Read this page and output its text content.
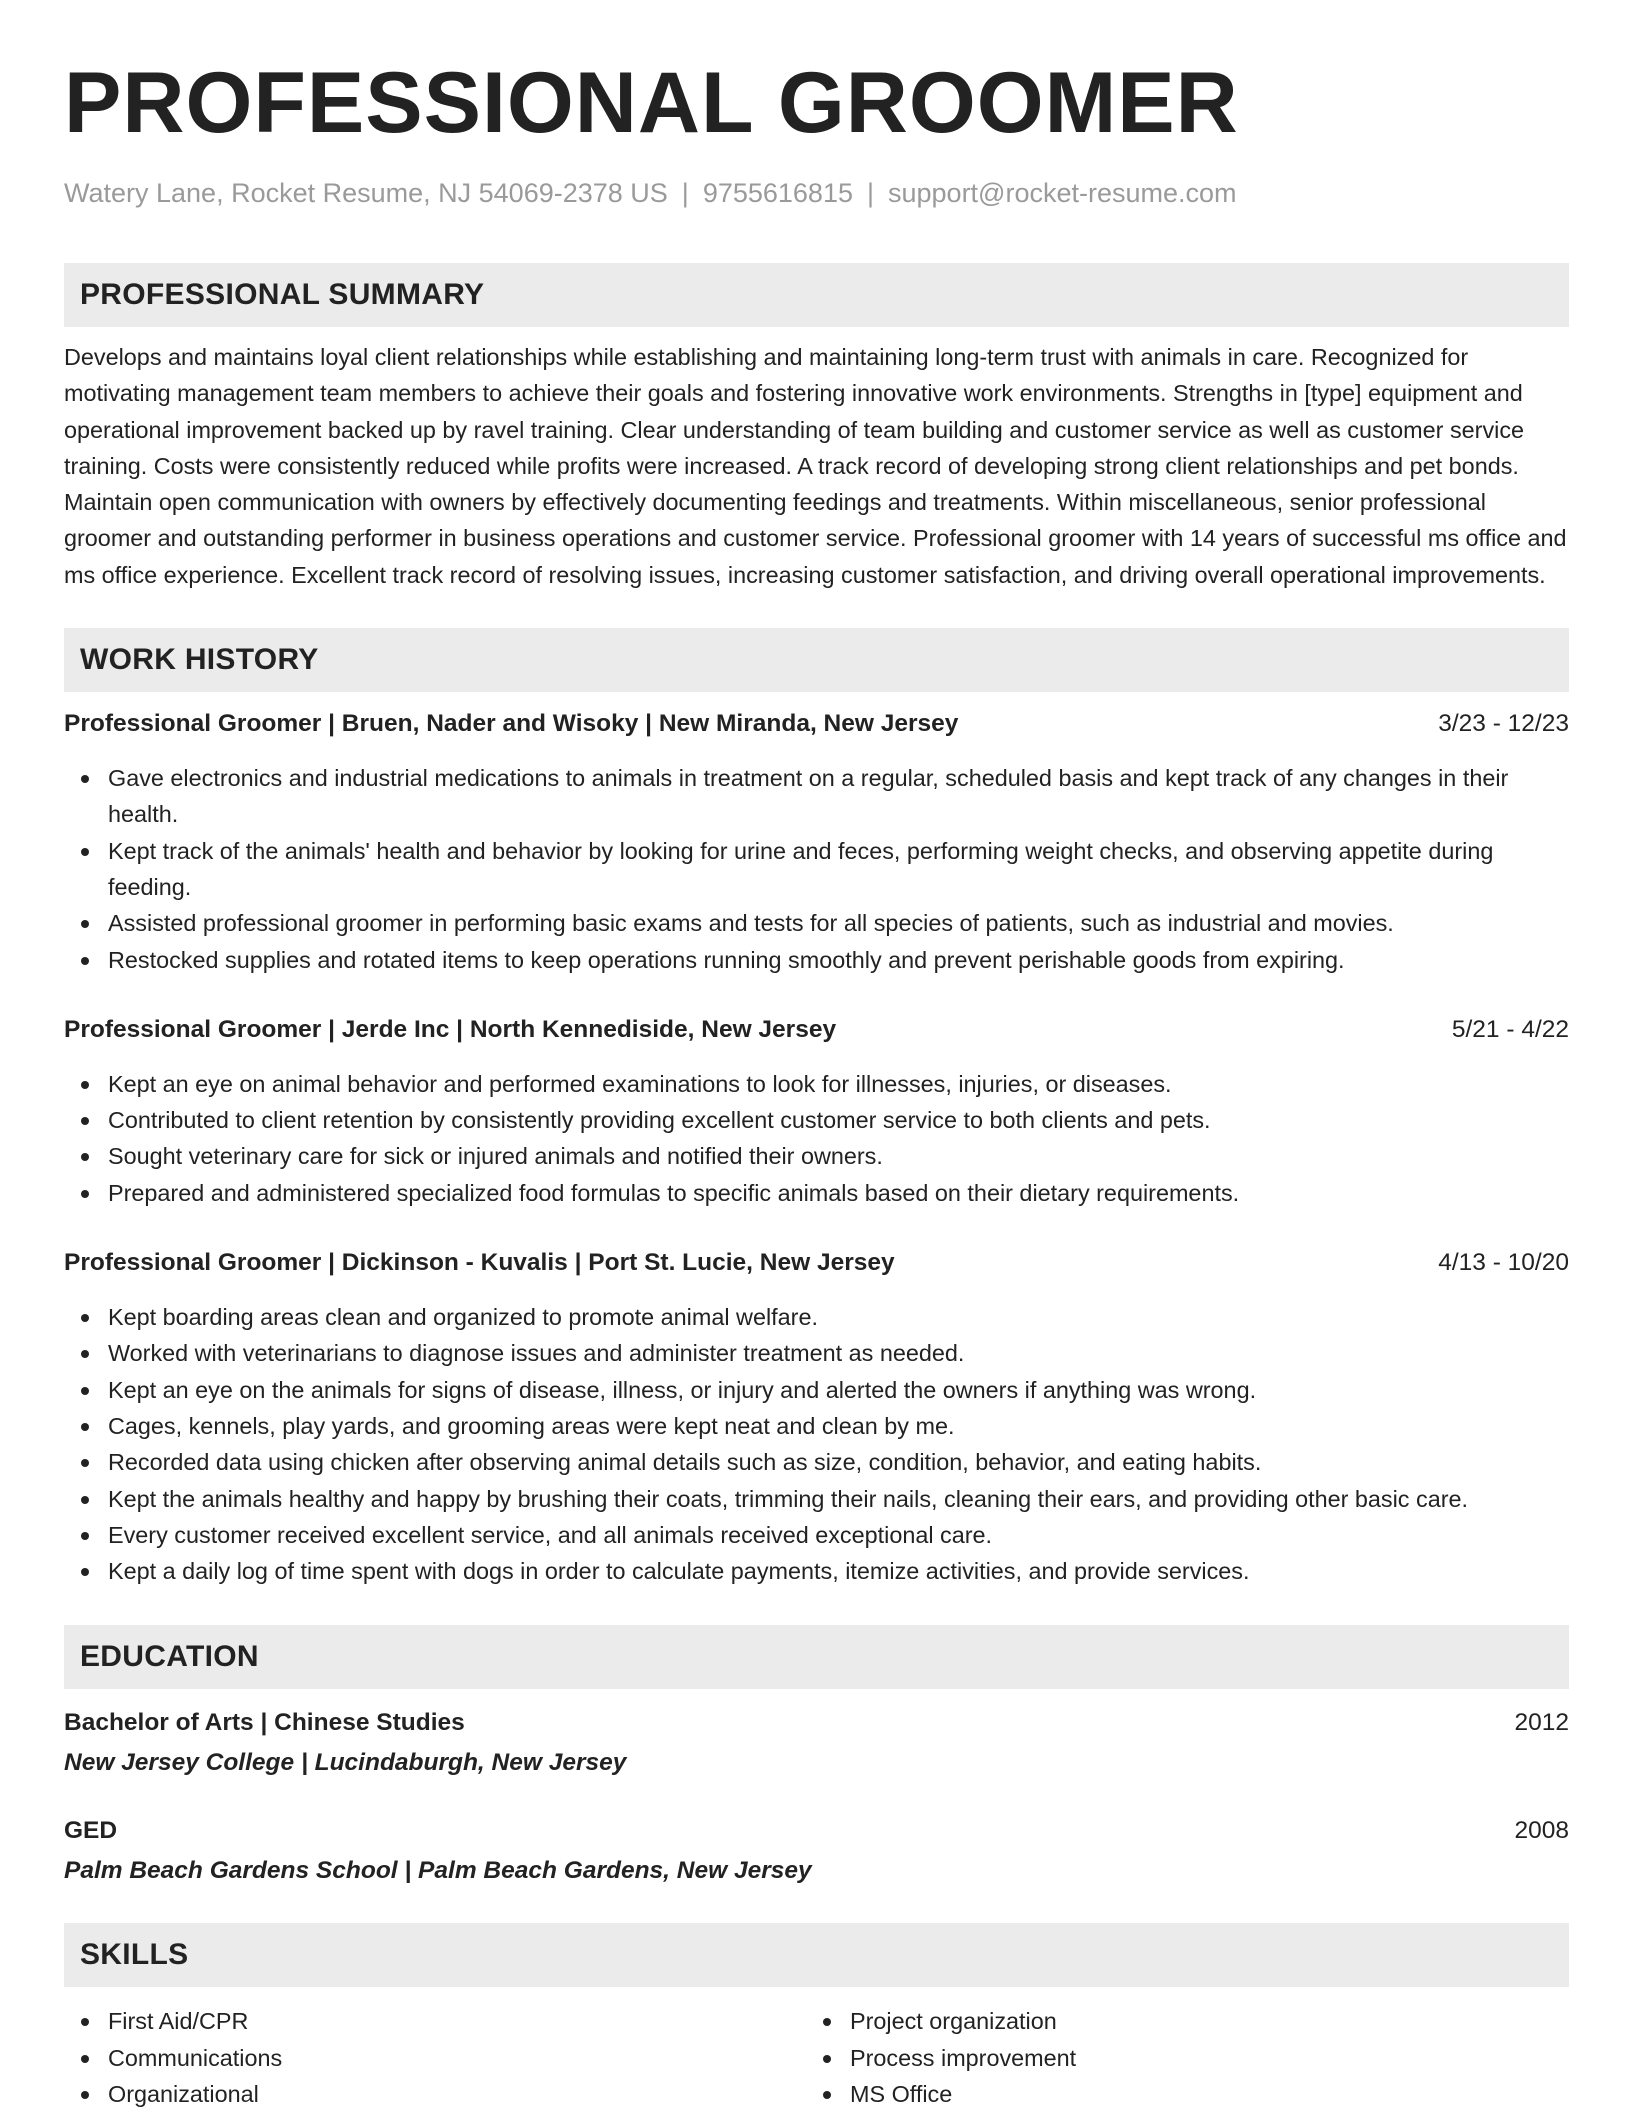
PROFESSIONAL GROOMER
Watery Lane, Rocket Resume, NJ 54069-2378 US | 9755616815 | support@rocket-resume.com
PROFESSIONAL SUMMARY

Develops and maintains loyal client relationships while establishing and maintaining long-term trust with animals in care. Recognized for motivating management team members to achieve their goals and fostering innovative work environments. Strengths in [type] equipment and operational improvement backed up by ravel training. Clear understanding of team building and customer service as well as customer service training. Costs were consistently reduced while profits were increased. A track record of developing strong client relationships and pet bonds. Maintain open communication with owners by effectively documenting feedings and treatments. Within miscellaneous, senior professional groomer and outstanding performer in business operations and customer service. Professional groomer with 14 years of successful ms office and ms office experience. Excellent track record of resolving issues, increasing customer satisfaction, and driving overall operational improvements.

WORK HISTORY
Professional Groomer | Bruen, Nader and Wisoky | New Miranda, New Jersey	3/23 - 12/23
Gave electronics and industrial medications to animals in treatment on a regular, scheduled basis and kept track of any changes in their health.
Kept track of the animals' health and behavior by looking for urine and feces, performing weight checks, and observing appetite during feeding.
Assisted professional groomer in performing basic exams and tests for all species of patients, such as industrial and movies.
Restocked supplies and rotated items to keep operations running smoothly and prevent perishable goods from expiring.
Professional Groomer | Jerde Inc | North Kennediside, New Jersey	5/21 - 4/22
Kept an eye on animal behavior and performed examinations to look for illnesses, injuries, or diseases.
Contributed to client retention by consistently providing excellent customer service to both clients and pets.
Sought veterinary care for sick or injured animals and notified their owners.
Prepared and administered specialized food formulas to specific animals based on their dietary requirements.
Professional Groomer | Dickinson - Kuvalis | Port St. Lucie, New Jersey	4/13 - 10/20
Kept boarding areas clean and organized to promote animal welfare.
Worked with veterinarians to diagnose issues and administer treatment as needed.
Kept an eye on the animals for signs of disease, illness, or injury and alerted the owners if anything was wrong.
Cages, kennels, play yards, and grooming areas were kept neat and clean by me.
Recorded data using chicken after observing animal details such as size, condition, behavior, and eating habits.
Kept the animals healthy and happy by brushing their coats, trimming their nails, cleaning their ears, and providing other basic care.
Every customer received excellent service, and all animals received exceptional care.
Kept a daily log of time spent with dogs in order to calculate payments, itemize activities, and provide services.
EDUCATION
Bachelor of Arts | Chinese Studies	2012
New Jersey College | Lucindaburgh, New Jersey
GED	2008
Palm Beach Gardens School | Palm Beach Gardens, New Jersey
SKILLS
First Aid/CPR
Communications
Organizational
Project organization
Process improvement
MS Office
